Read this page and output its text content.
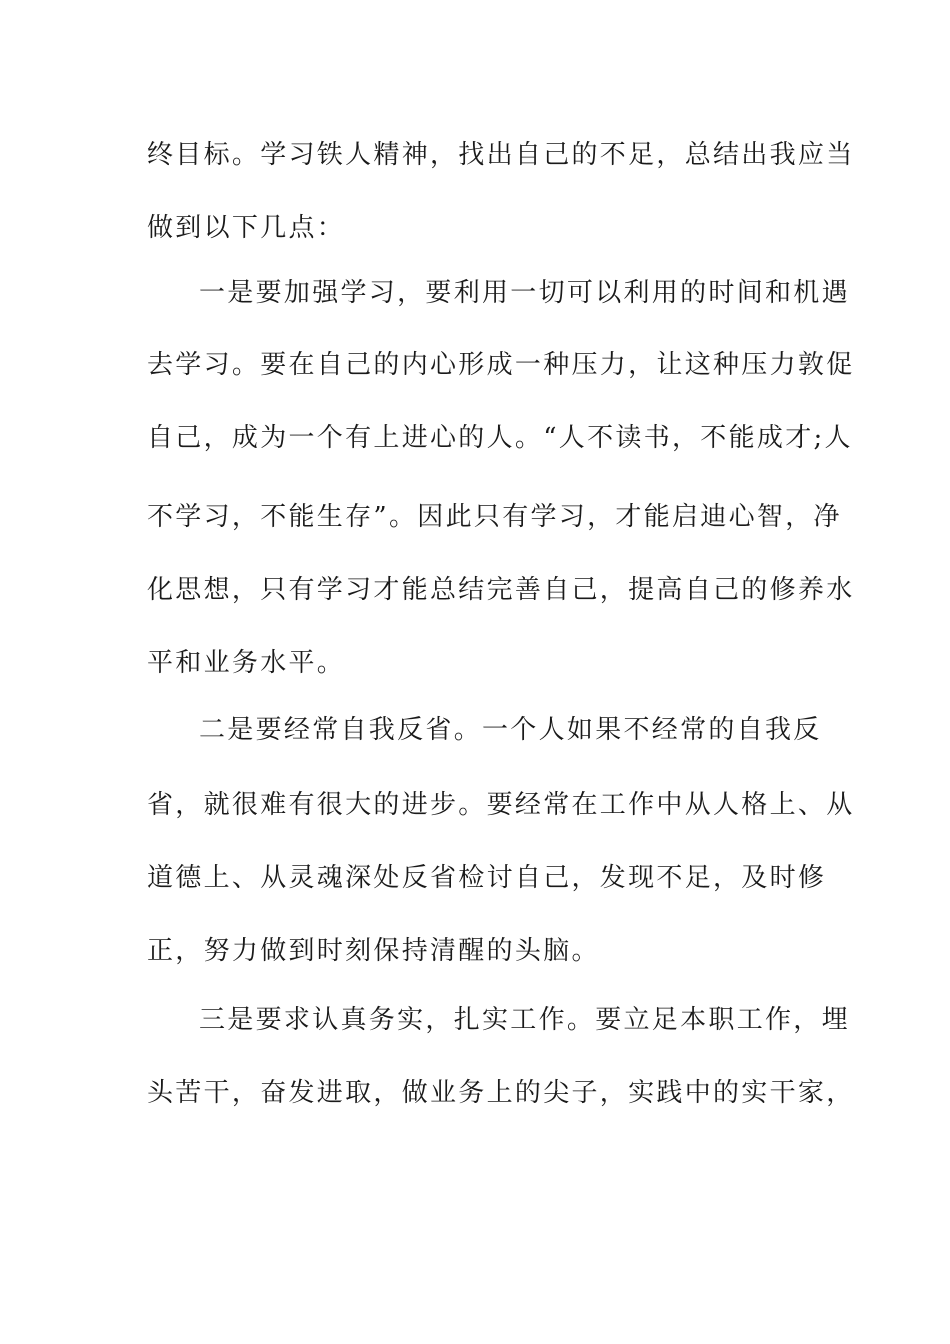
终目标。学习铁人精神，找出自己的不足，总结出我应当
做到以下几点：
一是要加强学习，要利用一切可以利用的时间和机遇
去学习。要在自己的内心形成一种压力，让这种压力敦促
自己，成为一个有上进心的人。“人不读书，不能成才;人
不学习，不能生存”。因此只有学习，才能启迪心智，净
化思想，只有学习才能总结完善自己，提高自己的修养水
平和业务水平。
二是要经常自我反省。一个人如果不经常的自我反
省，就很难有很大的进步。要经常在工作中从人格上、从
道德上、从灵魂深处反省检讨自己，发现不足，及时修
正，努力做到时刻保持清醒的头脑。
三是要求认真务实，扎实工作。要立足本职工作，埋
头苦干，奋发进取，做业务上的尖子，实践中的实干家，
